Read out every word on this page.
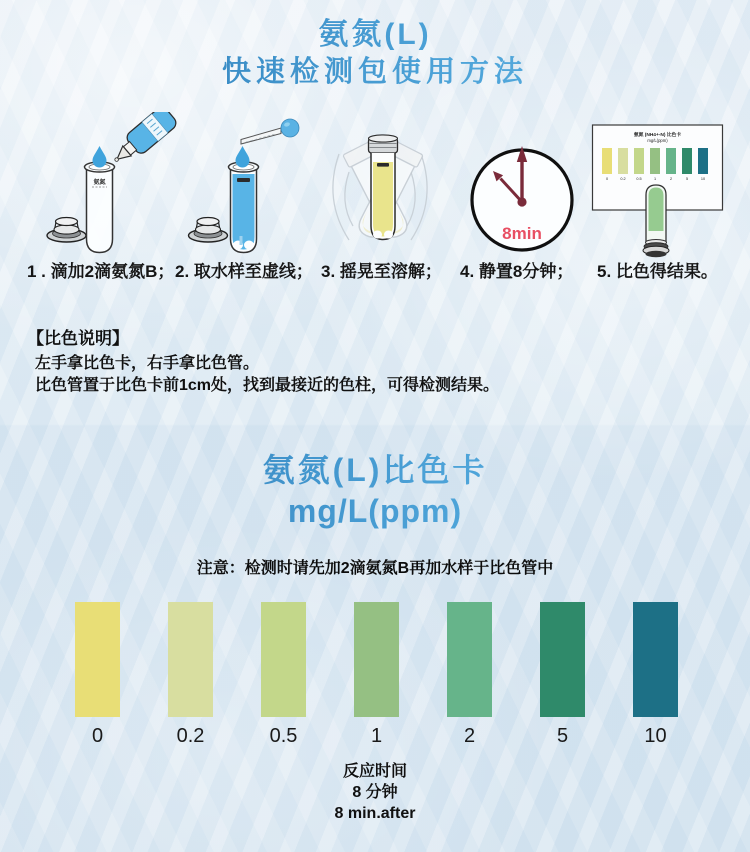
氨氮(L)
快速检测包使用方法
氨氮
8min
氨氮 (NH4+-N) 比色卡
mg/L(ppm)
0	0.2	0.5	1	2	5	10
1 . 滴加2滴氨氮B； 2. 取水样至虚线； 3. 摇晃至溶解； 4. 静置8分钟； 5. 比色得结果。
【比色说明】
左手拿比色卡，右手拿比色管。
比色管置于比色卡前1cm处，找到最接近的色柱，可得检测结果。
氨氮(L)比色卡
mg/L(ppm)
注意：检测时请先加2滴氨氮B再加水样于比色管中
0	0.2	0.5	1	2	5	10
反应时间
8 分钟
8 min.after
